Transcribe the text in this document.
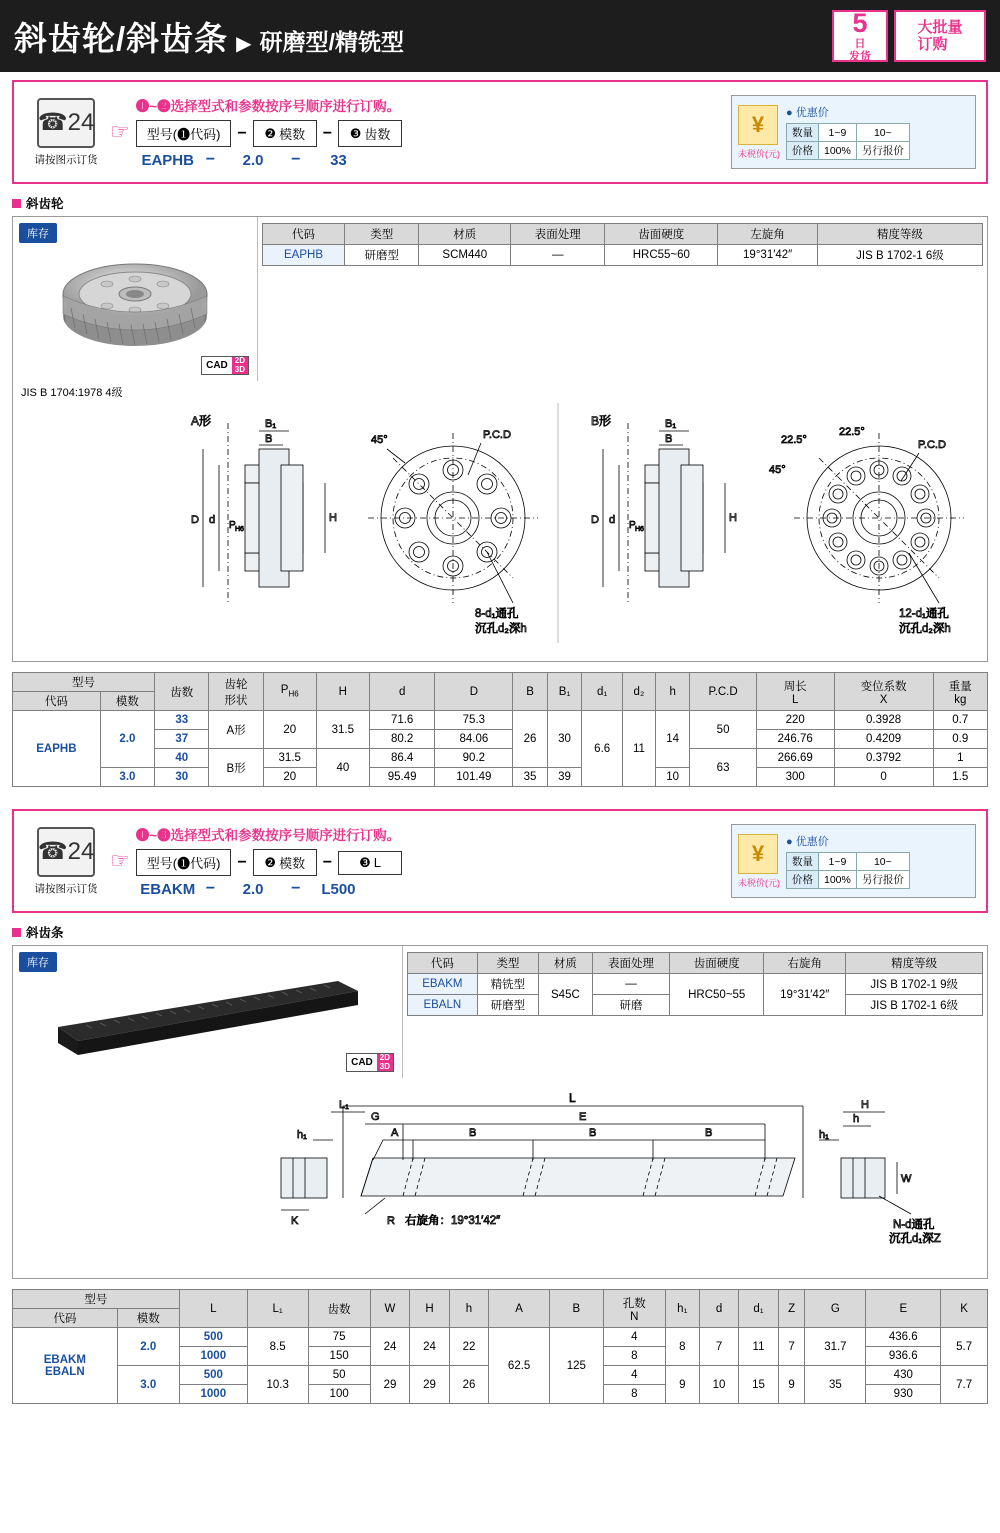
斜齿轮/斜齿条 ▶ 研磨型/精铣型
5
日
发货
大批量
订购
☎24
请按图示订货
☞
❶~❷选择型式和参数按序号顺序进行订购。
型号(❶代码)	− ❷ 模数	− ❸ 齿数
EAPHB −	2.0	−	33
¥
未税价(元)
● 优惠价
数量	1~9	10~
价格	100%	另行报价
斜齿轮
库存
CAD 2D
3D
代码	类型	材质	表面处理	齿面硬度	左旋角	精度等级
EAPHB	研磨型	SCM440	—	HRC55~60	19°31′42″	JIS B 1702-1 6级
JIS B 1704:1978 4级
A形	B₁
B
D d P H6
H
45°	P.C.D
8-d₁通孔
沉孔d₂深h
B形	B₁
B
D d P H6
H
22.5°
22.5°
45°
P.C.D
12-d₁通孔
沉孔d₂深h
型号		齿数	齿轮
形状	$P_{H6}$	H	d	D	B	B₁	d₁	d₂	h	P.C.D	周长
L	变位系数
X	重量
kg
代码	模数															
EAPHB	2.0	33	A形	20	31.5	71.6	75.3	26	30	6.6	11	14	50	220	0.3928	0.7
		37				80.2	84.06							246.76	0.4209	0.9
		40	B形	31.5	40	86.4	90.2						63	266.69	0.3792	1
	3.0	30		20		95.49	101.49	35	39			10		300	0	1.5
☎24
请按图示订货
☞
❶~❸选择型式和参数按序号顺序进行订购。
型号(❶代码)	− ❷ 模数	− ❸ L
EBAKM −	2.0	−	L500
¥
未税价(元)
● 优惠价
数量	1~9	10~
价格	100%	另行报价
斜齿条
库存
CAD 2D
3D
代码	类型	材质	表面处理	齿面硬度	右旋角	精度等级
EBAKM	精铣型	S45C	—	HRC50~55	19°31′42″	JIS B 1702-1 9级
EBALN	研磨型		研磨			JIS B 1702-1 6级
L
L₁
E
G
A	B	B	B
h₁	h₁
K	R 右旋角：19°31′42″
H
h
W
N-d通孔
沉孔d₁深Z
型号		L	L₁	齿数	W	H	h	A	B	孔数
N	h₁	d	d₁	Z	G	E	K
代码	模数																
EBAKM
EBALN	2.0	500	8.5	75	24	24	22	62.5	125	4	8	7	11	7	31.7	436.6	5.7
		1000		150						8						936.6	
	3.0	500	10.3	50	29	29	26			4	9	10	15	9	35	430	7.7
		1000		100						8						930	
